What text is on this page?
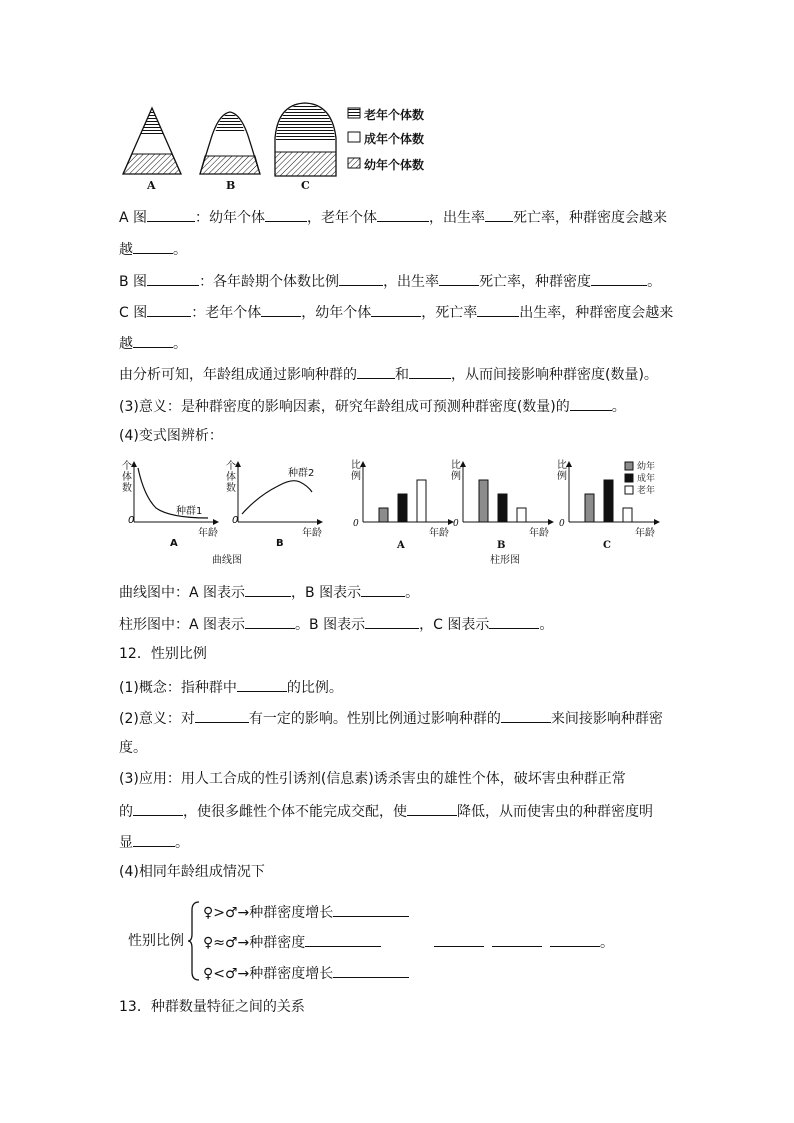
A	B	C
老年个体数
成年个体数
幼年个体数
A 图	：幼年个体	，老年个体	，出生率 死亡率，种群密度会越来
越	。
B 图	：各年龄期个体数比例	，出生率	死亡率，种群密度	。
C 图	：老年个体	，幼年个体	，死亡率	出生率，种群密度会越来
越	。
由分析可知，年龄组成通过影响种群的	和	，从而间接影响种群密度(数量)。
(3)意义：是种群密度的影响因素，研究年龄组成可预测种群密度(数量)的	。
(4)变式图辨析：
个体数
0
种群1
年龄
A
个体数
0
种群2
年龄
B
曲线图
比
例
0
年龄
A
比
例
0
年龄
B
比
例
0
年龄
C
幼年
成年
老年
柱形图
曲线图中：A 图表示	，B 图表示	。
柱形图中：A 图表示	。B 图表示	，C 图表示	。
12．性别比例
(1)概念：指种群中	的比例。
(2)意义：对	有一定的影响。性别比例通过影响种群的	来间接影响种群密
度。
(3)应用：用人工合成的性引诱剂(信息素)诱杀害虫的雄性个体，破坏害虫种群正常
的	，使很多雌性个体不能完成交配，使	降低，从而使害虫的种群密度明
显	。
(4)相同年龄组成情况下
性别比例
♀>♂→种群密度增长
♀≈♂→种群密度	。
♀<♂→种群密度增长
13．种群数量特征之间的关系
